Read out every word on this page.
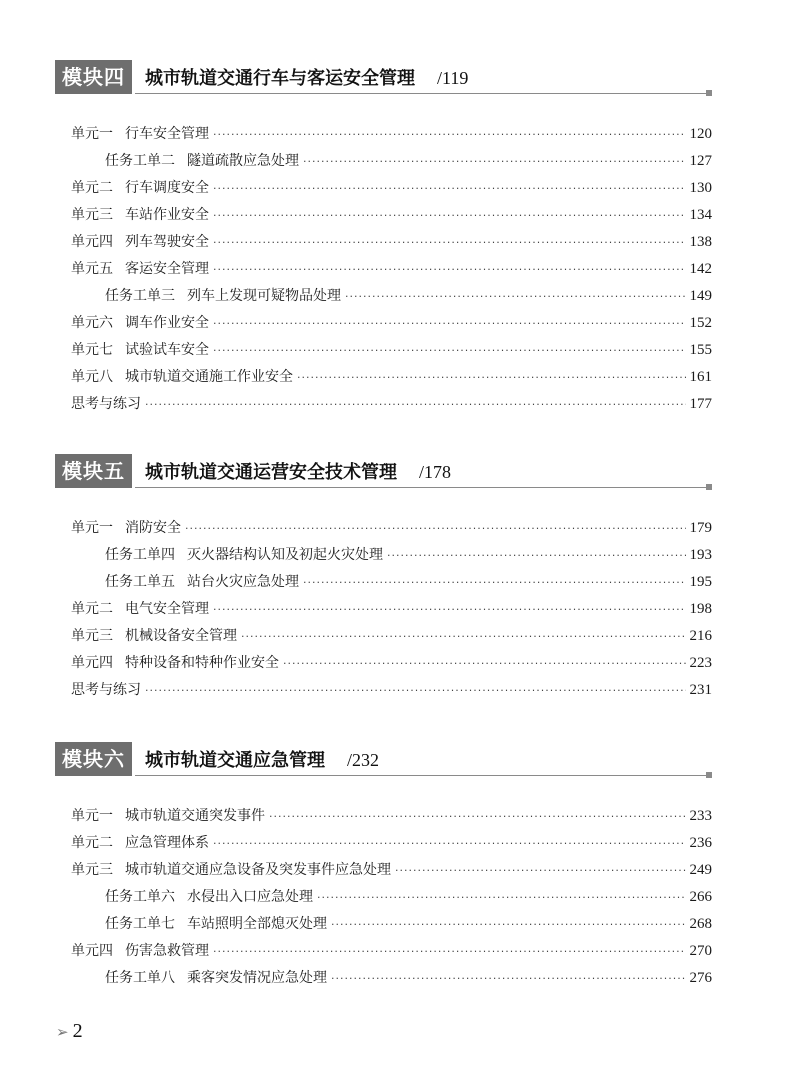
模块四	城市轨道交通行车与客运安全管理 /119
单元一 行车安全管理 ·····	120
任务工单二 隧道疏散应急处理 ·····	127
单元二 行车调度安全 ·····	130
单元三 车站作业安全 ·····	134
单元四 列车驾驶安全 ·····	138
单元五 客运安全管理 ·····	142
任务工单三 列车上发现可疑物品处理 ·····	149
单元六 调车作业安全 ·····	152
单元七 试验试车安全 ·····	155
单元八 城市轨道交通施工作业安全 ·····	161
思考与练习 ·····	177
模块五	城市轨道交通运营安全技术管理 /178
单元一 消防安全 ·····	179
任务工单四 灭火器结构认知及初起火灾处理 ·····	193
任务工单五 站台火灾应急处理 ·····	195
单元二 电气安全管理 ·····	198
单元三 机械设备安全管理 ·····	216
单元四 特种设备和特种作业安全 ·····	223
思考与练习 ·····	231
模块六	城市轨道交通应急管理 /232
单元一 城市轨道交通突发事件 ·····	233
单元二 应急管理体系 ·····	236
单元三 城市轨道交通应急设备及突发事件应急处理 ·····	249
任务工单六 水侵出入口应急处理 ·····	266
任务工单七 车站照明全部熄灭处理 ·····	268
单元四 伤害急救管理 ·····	270
任务工单八 乘客突发情况应急处理 ·····	276
➢ 2
